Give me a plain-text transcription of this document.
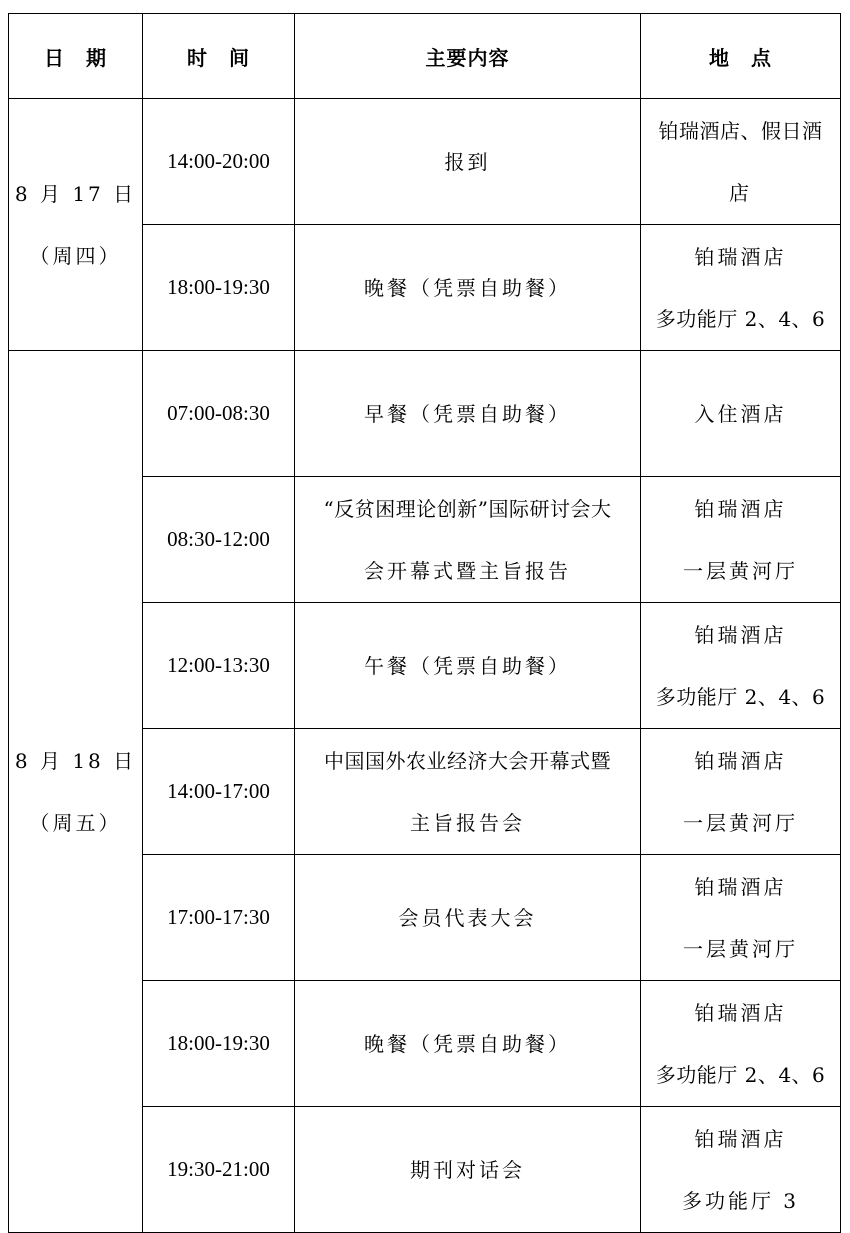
日　期	时　间	主要内容	地　点

8 月 17 日
（周四）	14:00-20:00	报到	铂瑞酒店、假日酒
店

	18:00-19:30	晚餐（凭票自助餐）	铂瑞酒店
多功能厅 2、4、6

8 月 18 日
（周五）	07:00-08:30	早餐（凭票自助餐）	入住酒店

	08:30-12:00	“反贫困理论创新”国际研讨会大
会开幕式暨主旨报告	铂瑞酒店
一层黄河厅

	12:00-13:30	午餐（凭票自助餐）	铂瑞酒店
多功能厅 2、4、6

	14:00-17:00	中国国外农业经济大会开幕式暨
主旨报告会	铂瑞酒店
一层黄河厅

	17:00-17:30	会员代表大会	铂瑞酒店
一层黄河厅

	18:00-19:30	晚餐（凭票自助餐）	铂瑞酒店
多功能厅 2、4、6

	19:30-21:00	期刊对话会	铂瑞酒店
多功能厅 3
